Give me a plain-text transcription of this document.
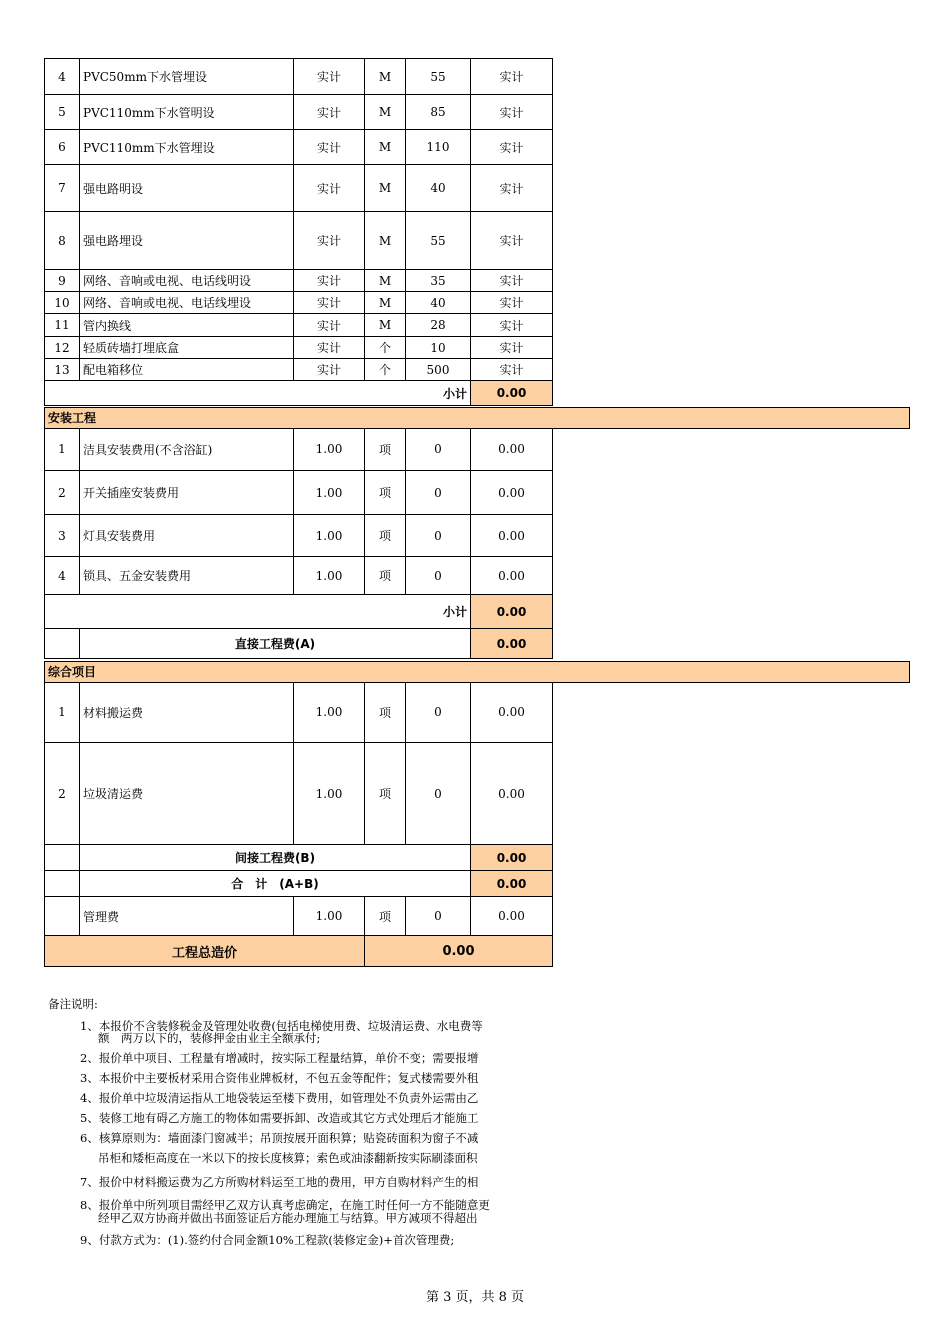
4	PVC50mm下水管埋设	实计	M	55	实计
5	PVC110mm下水管明设	实计	M	85	实计
6	PVC110mm下水管埋设	实计	M	110	实计
7	强电路明设	实计	M	40	实计
8	强电路埋设	实计	M	55	实计
9	网络、音响或电视、电话线明设	实计	M	35	实计
10	网络、音响或电视、电话线埋设	实计	M	40	实计
11	管内换线	实计	M	28	实计
12	轻质砖墙打埋底盒	实计	个	10	实计
13	配电箱移位	实计	个	500	实计
小计					0.00

1	洁具安装费用(不含浴缸)	1.00	项	0	0.00
2	开关插座安装费用	1.00	项	0	0.00
3	灯具安装费用	1.00	项	0	0.00
4	锁具、五金安装费用	1.00	项	0	0.00
小计					0.00
	直接工程费(A)				0.00

1	材料搬运费	1.00	项	0	0.00
2	垃圾清运费	1.00	项	0	0.00
	间接工程费(B)				0.00
	合　计　(A+B)				0.00
	管理费	1.00	项	0	0.00
工程总造价			0.00		
安装工程
综合项目
备注说明:
1、本报价不含装修税金及管理处收费(包括电梯使用费、垃圾清运费、水电费等
额　两万以下的，装修押金由业主全额承付;
2、报价单中项目、工程量有增减时，按实际工程量结算，单价不变；需要报增
3、本报价中主要板材采用合资伟业牌板材，不包五金等配件；复式楼需要外租
4、报价单中垃圾清运指从工地袋装运至楼下费用，如管理处不负责外运需由乙
5、装修工地有碍乙方施工的物体如需要拆卸、改造或其它方式处理后才能施工
6、核算原则为：墙面漆门窗减半；吊顶按展开面积算；贴瓷砖面积为窗子不减
吊柜和矮柜高度在一米以下的按长度核算；索色或油漆翻新按实际刷漆面积
7、报价中材料搬运费为乙方所购材料运至工地的费用，甲方自购材料产生的相
8、报价单中所列项目需经甲乙双方认真考虑确定，在施工时任何一方不能随意更
经甲乙双方协商并做出书面签证后方能办理施工与结算。甲方减项不得超出
9、付款方式为：(1).签约付合同金额10%工程款(装修定金)+首次管理费;
第 3 页，共 8 页
